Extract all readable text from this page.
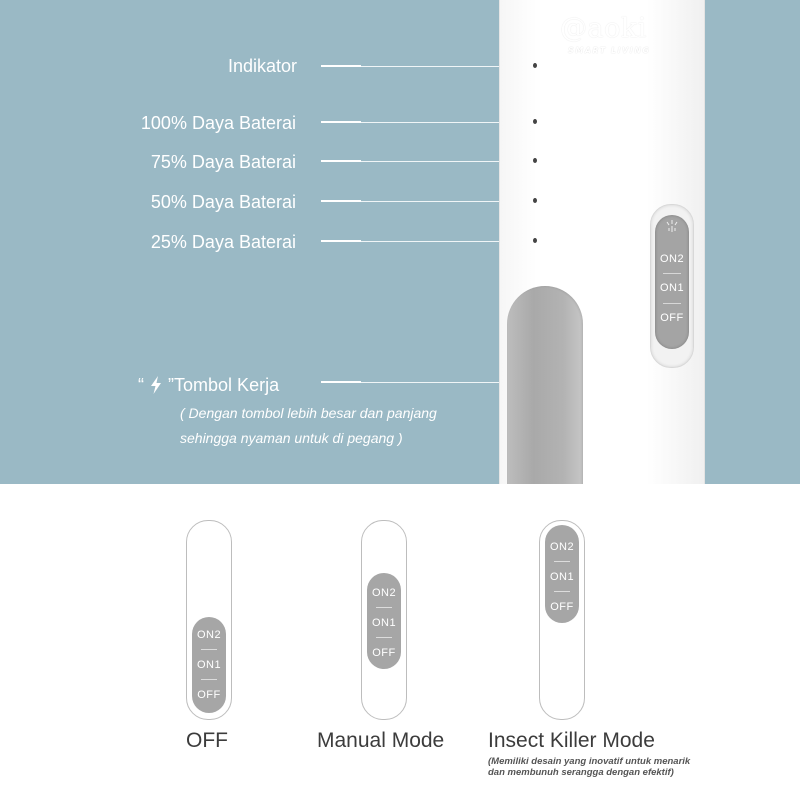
Indikator
100% Daya Baterai
75% Daya Baterai
50% Daya Baterai
25% Daya Baterai
“ ”Tombol Kerja
( Dengan tombol lebih besar dan panjang
sehingga nyaman untuk di pegang )
@aoki
SMART LIVING
ON2
ON1
OFF
ON2
ON1
OFF
OFF
ON2
ON1
OFF
Manual Mode
ON2
ON1
OFF
Insect Killer Mode
(Memiliki desain yang inovatif untuk menarik dan membunuh serangga dengan efektif)
